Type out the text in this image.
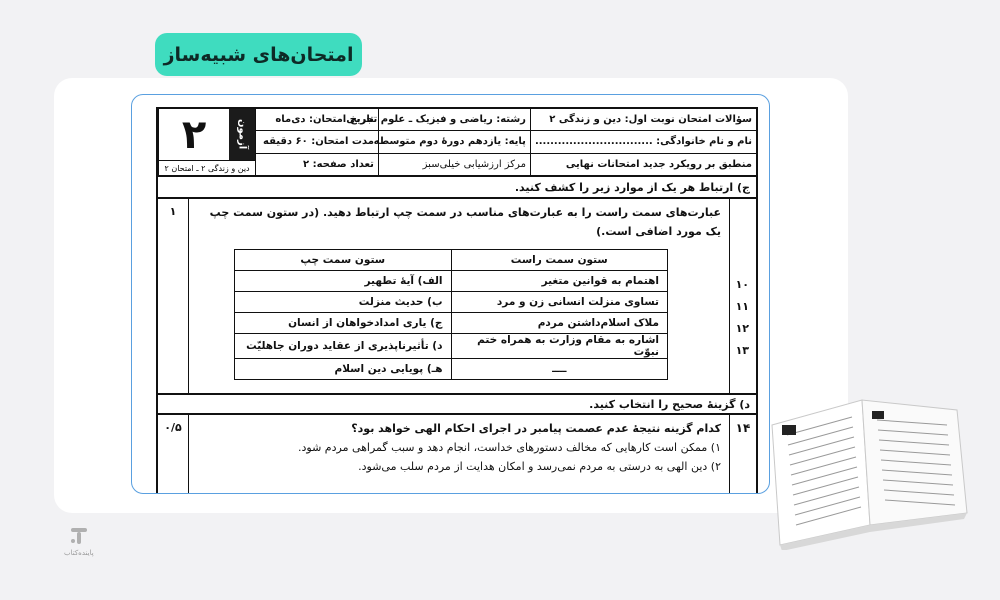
امتحان‌های شبیه‌ساز
آزمون
۲
دین و زندگی ۲ ـ امتحان ۲
تاریخ امتحان: دی‌ماه
مدت امتحان: ۶۰ دقیقه
تعداد صفحه: ۲
رشته: ریاضی و فیزیک ـ علوم تجربی
پایه: یازدهم دورهٔ دوم متوسطه
مرکز ارزشیابی خیلی‌سبز
سؤالات امتحان نوبت اول: دین و زندگی ۲
نام و نام خانوادگی: ...............................
منطبق بر رویکرد جدید امتحانات نهایی
ج) ارتباط هر یک از موارد زیر را کشف کنید.
عبارت‌های سمت راست را به عبارت‌های مناسب در سمت چپ ارتباط دهید. (در ستون سمت چپ یک مورد اضافی است.)
۱
ستون سمت چپ	ستون سمت راست
الف) آیهٔ تطهیر	اهتمام به قوانین متغیر
ب) حدیث منزلت	تساوی منزلت انسانی زن و مرد
ج) یاری امدادخواهان از انسان	ملاک اسلام‌داشتن مردم
د) تأثیرناپذیری از عقاید دوران جاهلیّت	اشاره به مقام وزارت به همراه ختم نبوّت
هـ) پویایی دین اسلام	ــــ
۱۰
۱۱
۱۲
۱۳
د) گزینهٔ صحیح را انتخاب کنید.
۱۴
کدام گزینه نتیجهٔ عدم عصمت پیامبر در اجرای احکام الهی خواهد بود؟
۱) ممکن است کارهایی که مخالف دستورهای خداست، انجام دهد و سبب گمراهی مردم شود.
۲) دین الهی به درستی به مردم نمی‌رسد و امکان هدایت از مردم سلب می‌شود.
۰/۵
پاینده‌کتاب
